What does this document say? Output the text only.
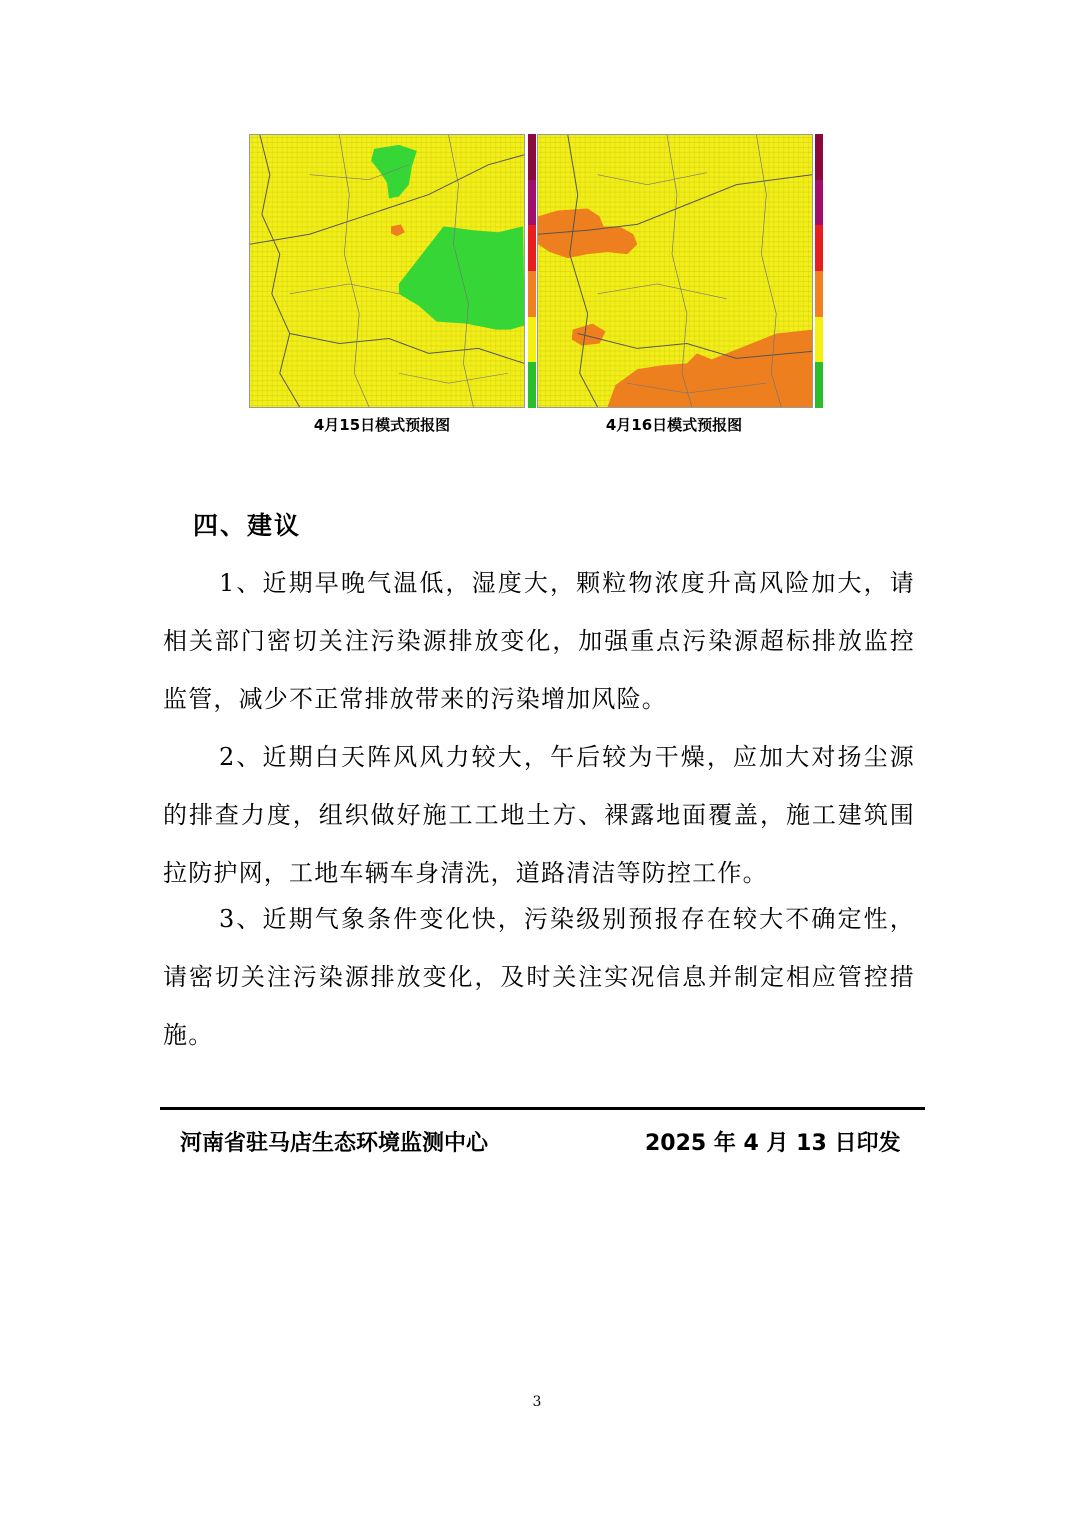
4月15日模式预报图	4月16日模式预报图
四、建议
1、近期早晚气温低，湿度大，颗粒物浓度升高风险加大，请相关部门密切关注污染源排放变化，加强重点污染源超标排放监控监管，减少不正常排放带来的污染增加风险。
2、近期白天阵风风力较大，午后较为干燥，应加大对扬尘源的排查力度，组织做好施工工地土方、裸露地面覆盖，施工建筑围拉防护网，工地车辆车身清洗，道路清洁等防控工作。
3、近期气象条件变化快，污染级别预报存在较大不确定性，请密切关注污染源排放变化，及时关注实况信息并制定相应管控措施。
河南省驻马店生态环境监测中心	2025 年 4 月 13 日印发
3
